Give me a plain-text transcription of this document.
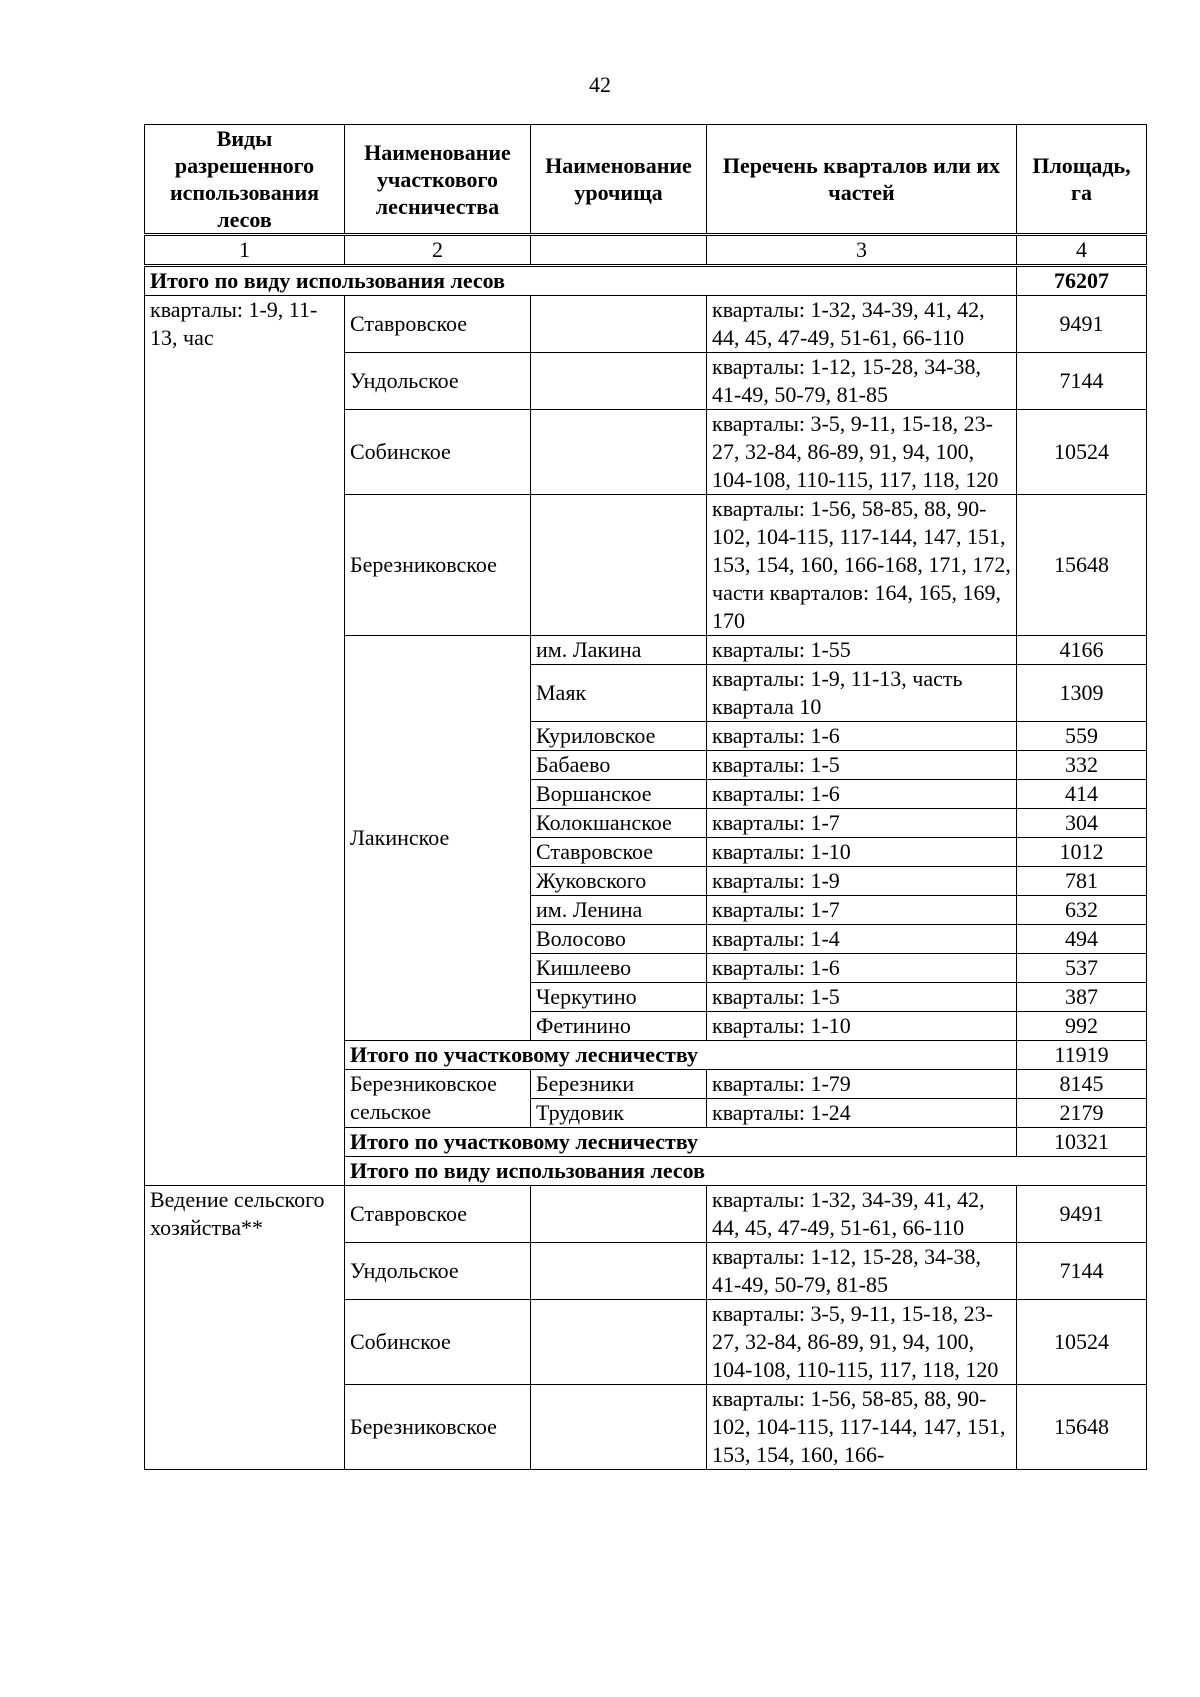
42
Виды разрешенного использования лесов	Наименование участкового лесничества	Наименование урочища	Перечень кварталов или их частей	Площадь, га	
1	2		3	4	
Итого по виду использования лесов				76207	
кварталы: 1-9, 11-13, час	Ставровское		кварталы: 1-32, 34-39, 41, 42, 44, 45, 47-49, 51-61, 66-110	9491	
	Ундольское		кварталы: 1-12, 15-28, 34-38, 41-49, 50-79, 81-85	7144	
	Собинское		кварталы: 3-5, 9-11, 15-18, 23-27, 32-84, 86-89, 91, 94, 100, 104-108, 110-115, 117, 118, 120	10524	
	Березниковское		кварталы: 1-56, 58-85, 88, 90-102, 104-115, 117-144, 147, 151, 153, 154, 160, 166-168, 171, 172, части кварталов: 164, 165, 169, 170	15648	
	Лакинское	им. Лакина	кварталы: 1-55	4166	
		Маяк	кварталы: 1-9, 11-13, часть квартала 10	1309	
		Куриловское	кварталы: 1-6	559	
		Бабаево	кварталы: 1-5	332	
		Воршанское	кварталы: 1-6	414	
		Колокшанское	кварталы: 1-7	304	
		Ставровское	кварталы: 1-10	1012	
		Жуковского	кварталы: 1-9	781	
		им. Ленина	кварталы: 1-7	632	
		Волосово	кварталы: 1-4	494	
		Кишлеево	кварталы: 1-6	537	
		Черкутино	кварталы: 1-5	387	
		Фетинино	кварталы: 1-10	992	
	Итого по участковому лесничеству			11919	
	Березниковское сельское	Березники	кварталы: 1-79	8145	
		Трудовик	кварталы: 1-24	2179	
	Итого по участковому лесничеству			10321	
	Итого по виду использования лесов	
Ведение сельского хозяйства**	Ставровское		кварталы: 1-32, 34-39, 41, 42, 44, 45, 47-49, 51-61, 66-110	9491	
	Ундольское		кварталы: 1-12, 15-28, 34-38, 41-49, 50-79, 81-85	7144	
	Собинское		кварталы: 3-5, 9-11, 15-18, 23-27, 32-84, 86-89, 91, 94, 100, 104-108, 110-115, 117, 118, 120	10524	
	Березниковское		кварталы: 1-56, 58-85, 88, 90-102, 104-115, 117-144, 147, 151, 153, 154, 160, 166-	15648	
